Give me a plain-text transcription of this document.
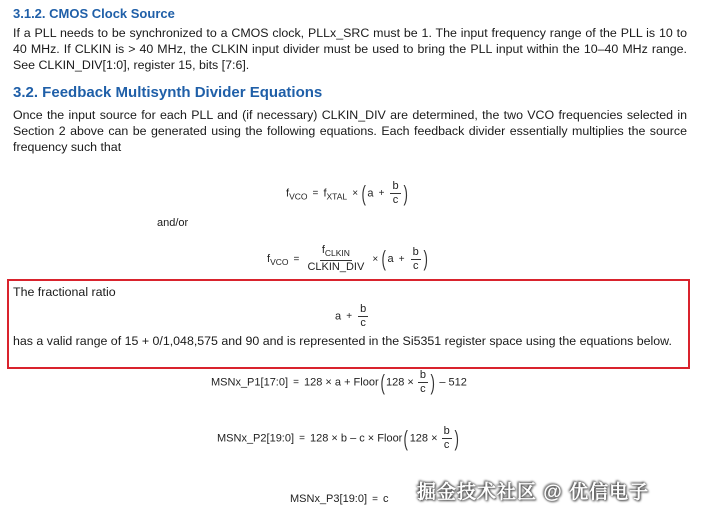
3.1.2. CMOS Clock Source
If a PLL needs to be synchronized to a CMOS clock, PLLx_SRC must be 1. The input frequency range of the PLL is 10 to 40 MHz. If CLKIN is > 40 MHz, the CLKIN input divider must be used to bring the PLL input within the 10–40 MHz range. See CLKIN_DIV[1:0], register 15, bits [7:6].
3.2. Feedback Multisynth Divider Equations
Once the input source for each PLL and (if necessary) CLKIN_DIV are determined, the two VCO frequencies selected in Section 2 above can be generated using the following equations. Each feedback divider essentially multiplies the source frequency such that
$f_{VCO} = f_{XTAL} \times (a + \frac{b}{c}$ )
and/or
$f_{VCO} = \frac{f_{CLKIN}}{\text{CLKIN\_DIV}} \times (a + \frac{b}{c}$ )
The fractional ratio
$a + \frac{b}{c}$
has a valid range of 15 + 0/1,048,575 and 90 and is represented in the Si5351 register space using the equations below.
MSNx_P1[17:0] = 128 × a + Floor(128 × $\frac{b}{c}$ ) – 512
MSNx_P2[19:0] = 128 × b – c × Floor(128 × $\frac{b}{c}$ )
MSNx_P3[19:0] = c 掘金技术社区 @ 优信电子
